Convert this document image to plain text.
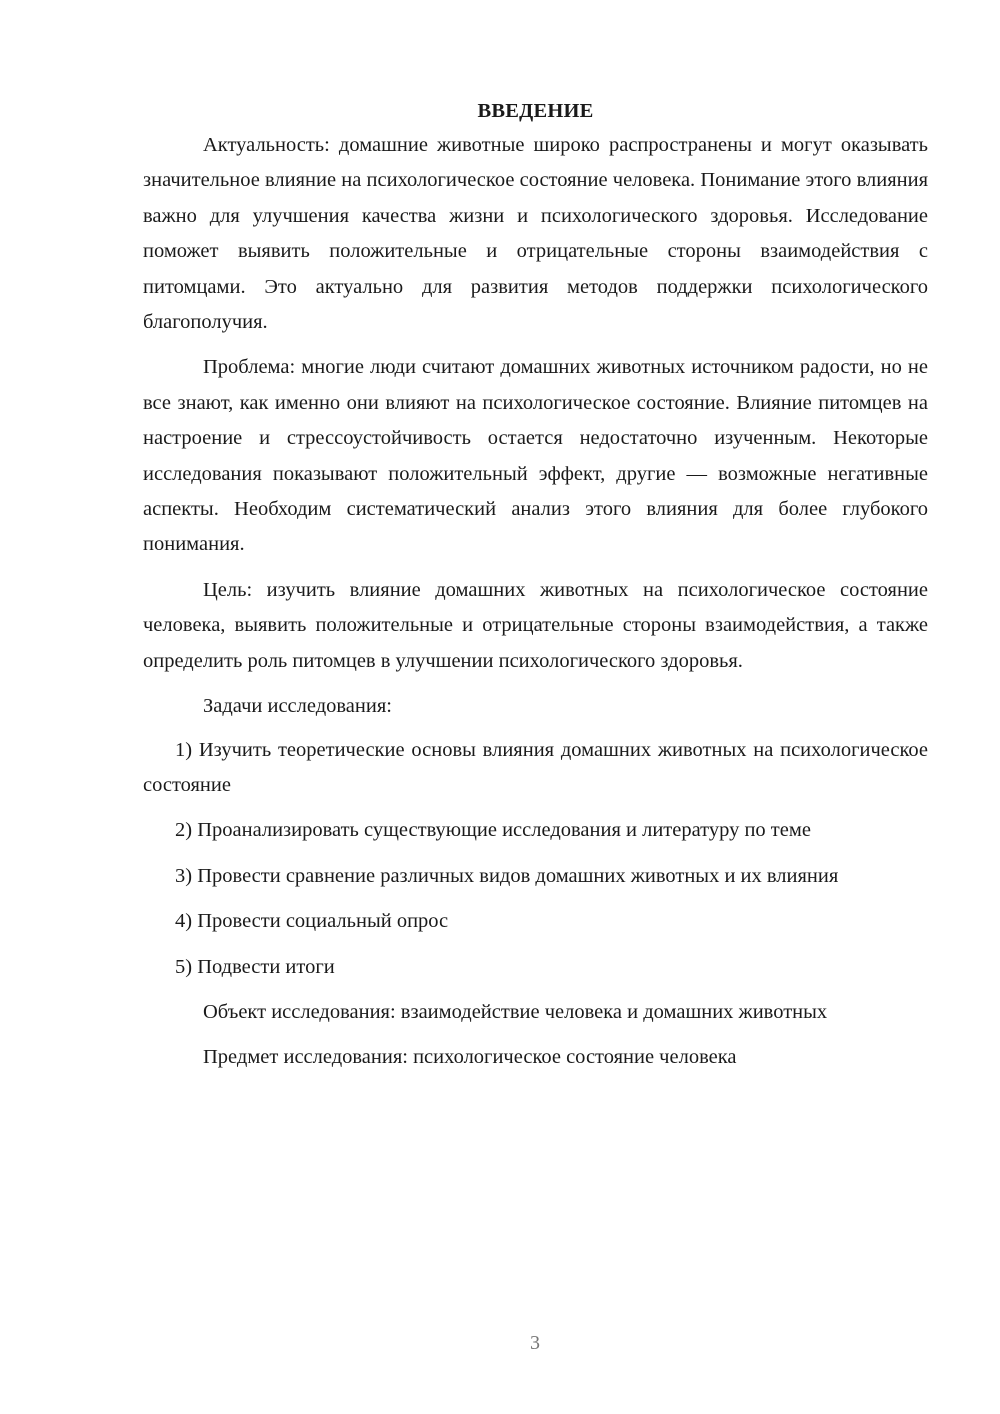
ВВЕДЕНИЕ

Актуальность: домашние животные широко распространены и могут оказывать значительное влияние на психологическое состояние человека. Понимание этого влияния важно для улучшения качества жизни и психологического здоровья. Исследование поможет выявить положительные и отрицательные стороны взаимодействия с питомцами. Это актуально для развития методов поддержки психологического благополучия.

Проблема: многие люди считают домашних животных источником радости, но не все знают, как именно они влияют на психологическое состояние. Влияние питомцев на настроение и стрессоустойчивость остается недостаточно изученным. Некоторые исследования показывают положительный эффект, другие — возможные негативные аспекты. Необходим систематический анализ этого влияния для более глубокого понимания.

Цель: изучить влияние домашних животных на психологическое состояние человека, выявить положительные и отрицательные стороны взаимодействия, а также определить роль питомцев в улучшении психологического здоровья.

Задачи исследования:

1) Изучить теоретические основы влияния домашних животных на психологическое состояние

2) Проанализировать существующие исследования и литературу по теме

3) Провести сравнение различных видов домашних животных и их влияния

4) Провести социальный опрос

5) Подвести итоги

Объект исследования: взаимодействие человека и домашних животных

Предмет исследования: психологическое состояние человека

3
